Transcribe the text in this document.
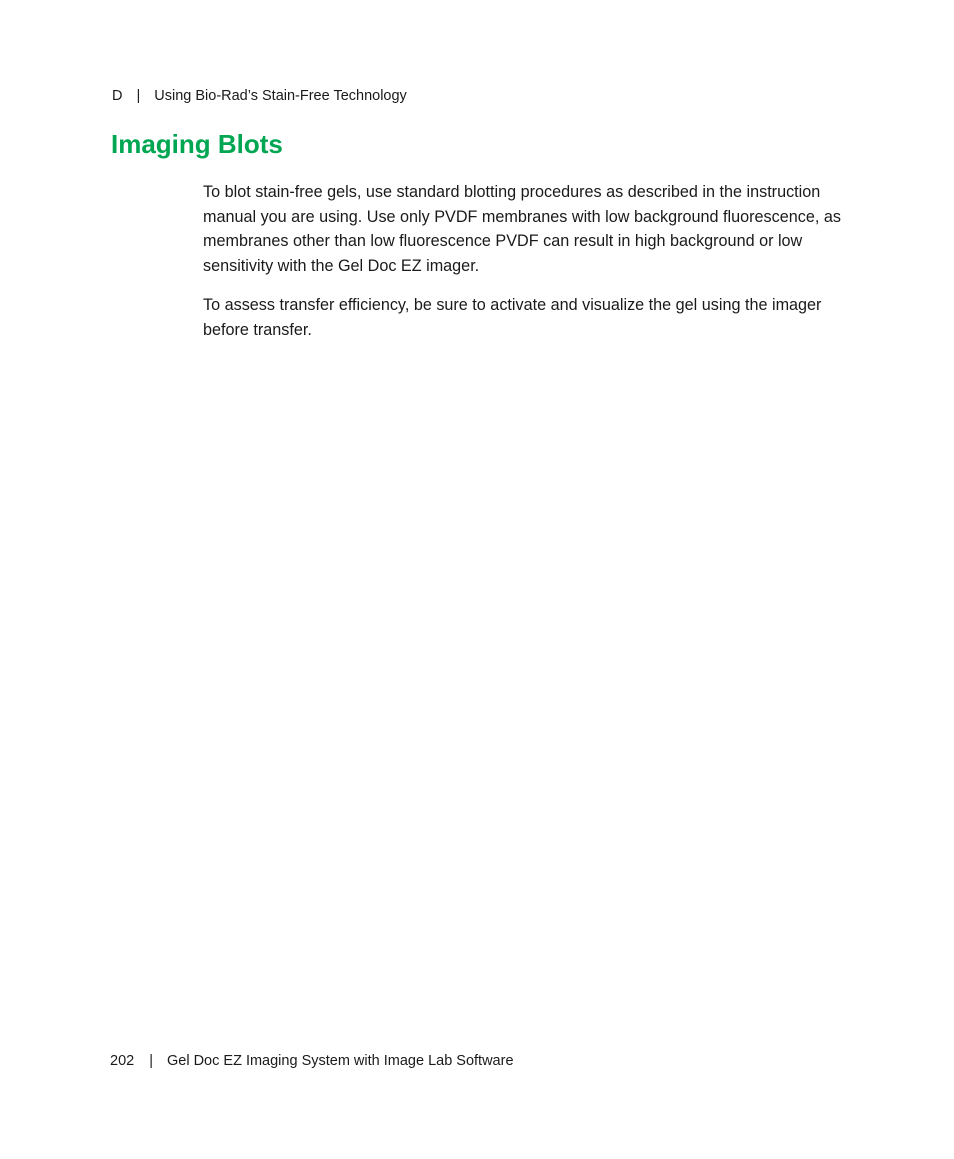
D | Using Bio-Rad’s Stain-Free Technology
Imaging Blots

To blot stain-free gels, use standard blotting procedures as described in the instruction manual you are using. Use only PVDF membranes with low background fluorescence, as membranes other than low fluorescence PVDF can result in high background or low sensitivity with the Gel Doc EZ imager.

To assess transfer efficiency, be sure to activate and visualize the gel using the imager before transfer.

202 | Gel Doc EZ Imaging System with Image Lab Software
